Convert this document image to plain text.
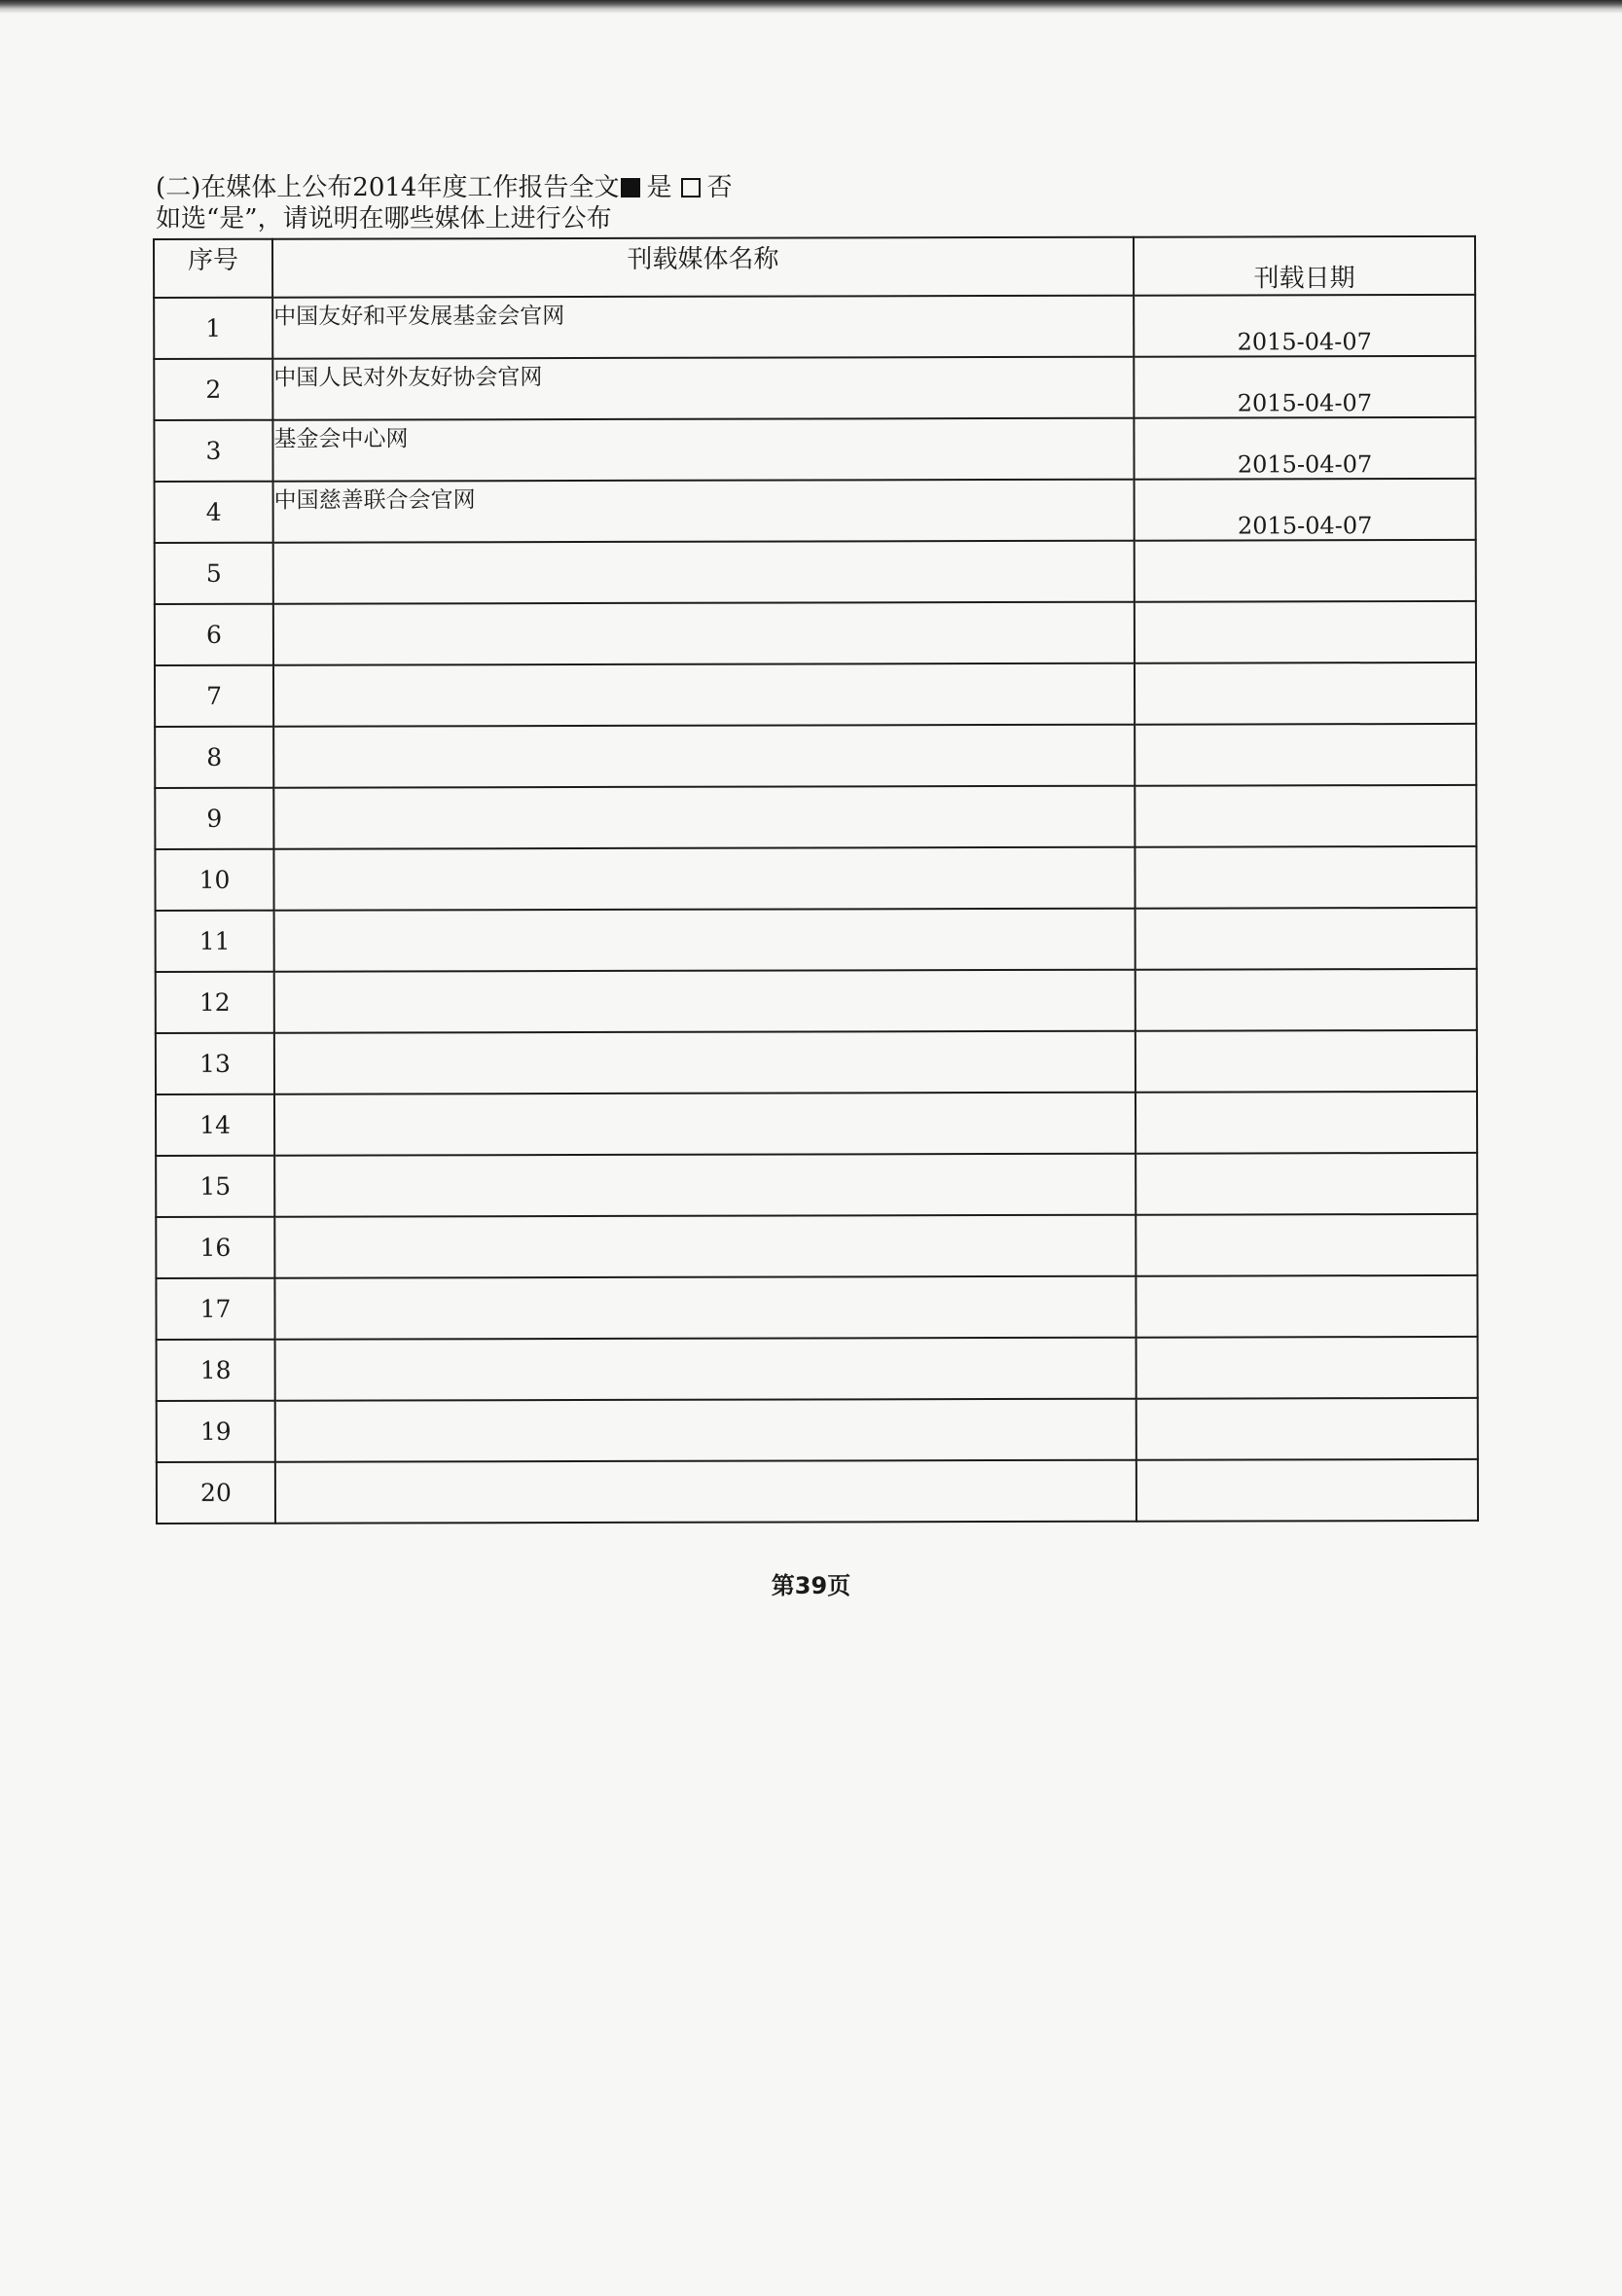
(二)在媒体上公布2014年度工作报告全文 是 否
如选“是”，请说明在哪些媒体上进行公布
序号	刊载媒体名称	刊载日期
1	中国友好和平发展基金会官网	2015-04-07
2	中国人民对外友好协会官网	2015-04-07
3	基金会中心网	2015-04-07
4	中国慈善联合会官网	2015-04-07
5		
6		
7		
8		
9		
10		
11		
12		
13		
14		
15		
16		
17		
18		
19		
20		
第39页
